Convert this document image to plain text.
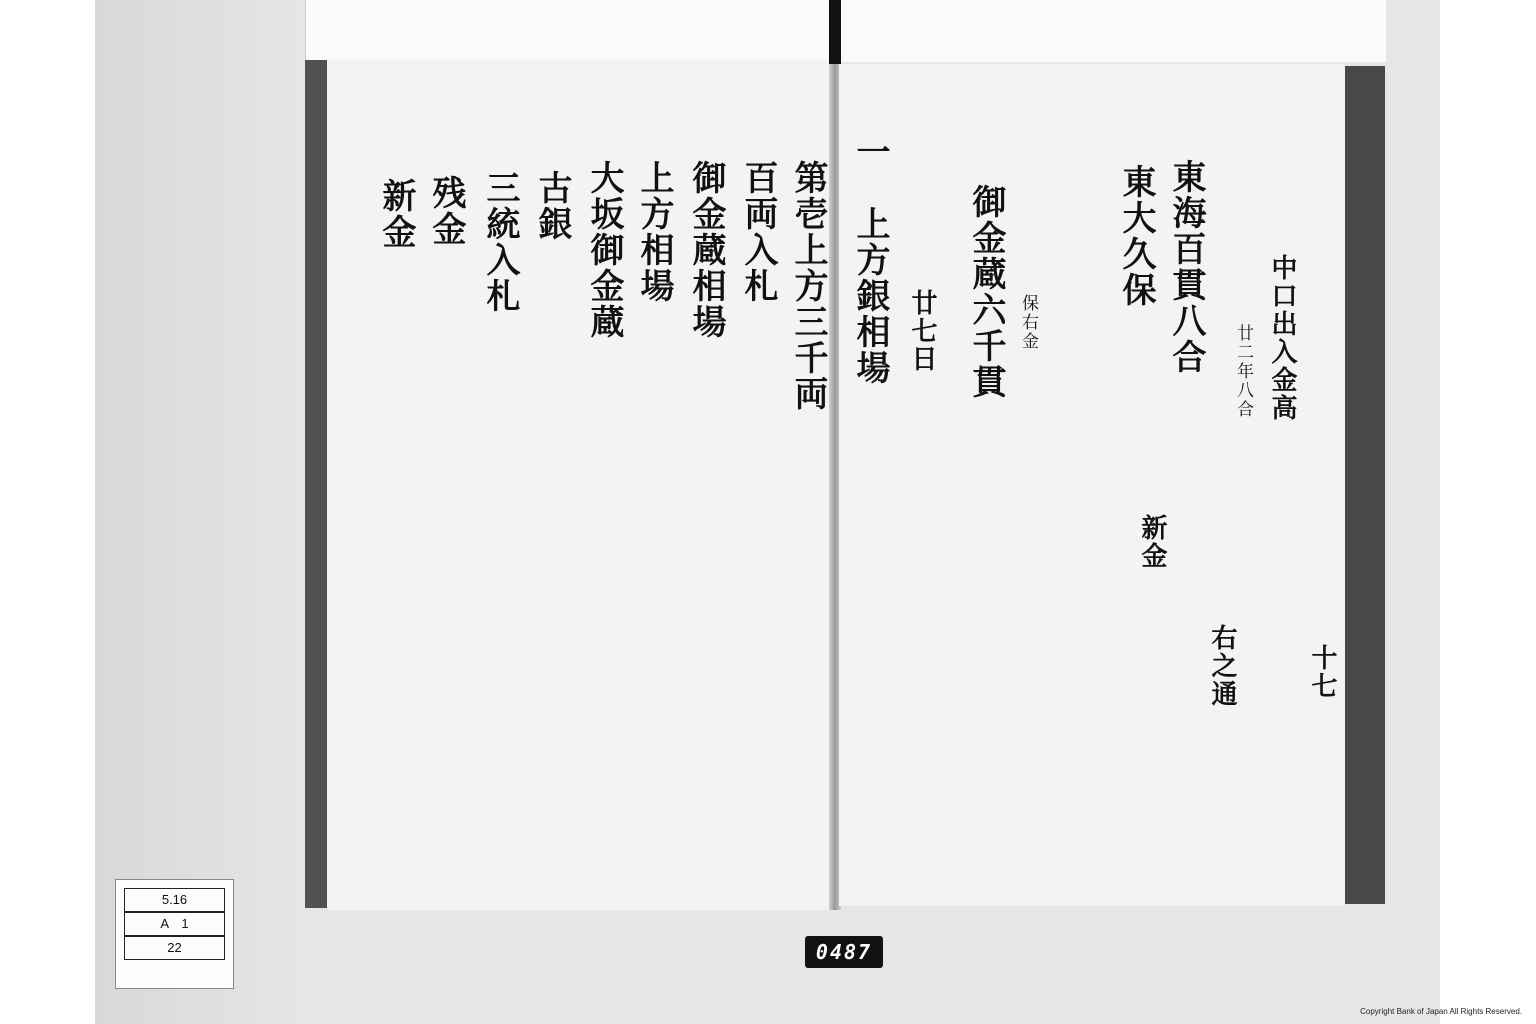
第壱上方三千両
百両入札
御金蔵相場
上方相場
大坂御金蔵
古銀
三統入札
残金
新金
十七
中口出入金高
廿二年八合
東海百貫八合
東大久保
御金蔵六千貫
一　上方銀相場	保右金
新金
右之通
廿七日
5.16
A　1
22	0487
Copyright Bank of Japan All Rights Reserved.
